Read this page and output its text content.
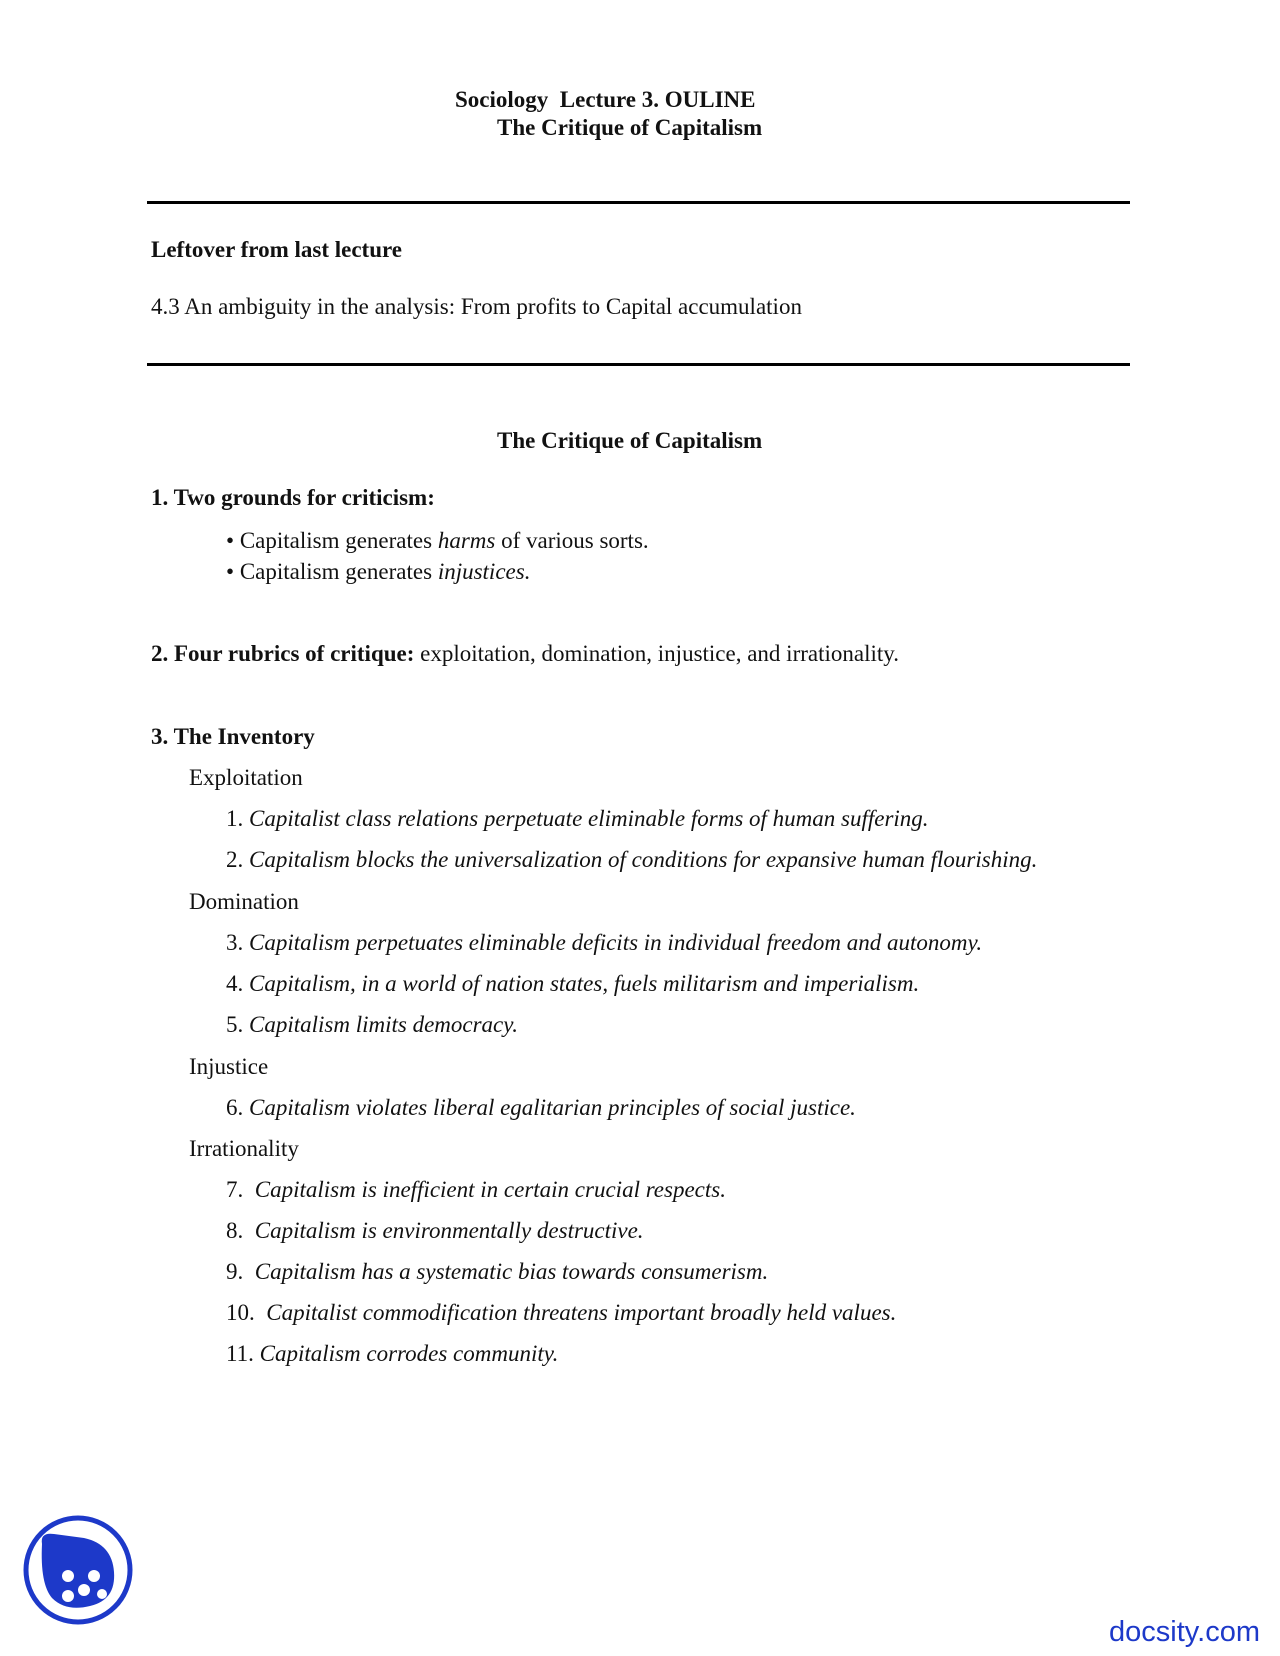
Sociology  Lecture 3. OULINE
The Critique of Capitalism
Leftover from last lecture
4.3 An ambiguity in the analysis: From profits to Capital accumulation
The Critique of Capitalism
1. Two grounds for criticism:
• Capitalism generates harms of various sorts.
• Capitalism generates injustices.
2. Four rubrics of critique: exploitation, domination, injustice, and irrationality.
3. The Inventory
Exploitation
1. Capitalist class relations perpetuate eliminable forms of human suffering.
2. Capitalism blocks the universalization of conditions for expansive human flourishing.
Domination
3. Capitalism perpetuates eliminable deficits in individual freedom and autonomy.
4. Capitalism, in a world of nation states, fuels militarism and imperialism.
5. Capitalism limits democracy.
Injustice
6. Capitalism violates liberal egalitarian principles of social justice.
Irrationality
7. Capitalism is inefficient in certain crucial respects.
8. Capitalism is environmentally destructive.
9. Capitalism has a systematic bias towards consumerism.
10. Capitalist commodification threatens important broadly held values.
11. Capitalism corrodes community.
docsity.com
